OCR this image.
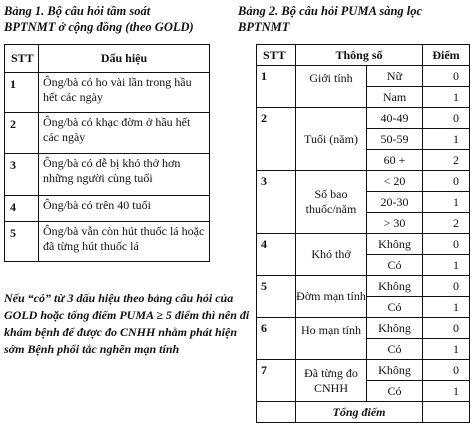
Bảng 1. Bộ câu hỏi tầm soát
BPTNMT ở cộng đồng (theo GOLD)
Bảng 2. Bộ câu hỏi PUMA sàng lọc
BPTNMT
STT	Dấu hiệu
1	Ông/bà có ho vài lần trong hầu hết các ngày
2	Ông/bà có khạc đờm ở hầu hết các ngày
3	Ông/bà có dễ bị khó thở hơn những người cùng tuổi
4	Ông/bà có trên 40 tuổi
5	Ông/bà vẫn còn hút thuốc lá hoặc đã từng hút thuốc lá
STT	Thông số		Điểm
1	Giới tính	Nữ	0
		Nam	1
2	Tuổi (năm)	40-49	0
		50-59	1
		60 +	2
3	Số bao thuốc/năm	< 20	0
		20-30	1
		> 30	2
4	Khó thở	Không	0
		Có	1
5	Đờm mạn tính	Không	0
		Có	1
6	Ho mạn tính	Không	0
		Có	1
7	Đã từng đo CNHH	Không	0
		Có	1
	Tổng điểm		
Nếu “có” từ 3 dấu hiệu theo bảng câu hỏi của GOLD hoặc tổng điểm PUMA ≥ 5 điểm thì nên đi khám bệnh để được đo CNHH nhằm phát hiện sớm Bệnh phổi tắc nghẽn mạn tính
